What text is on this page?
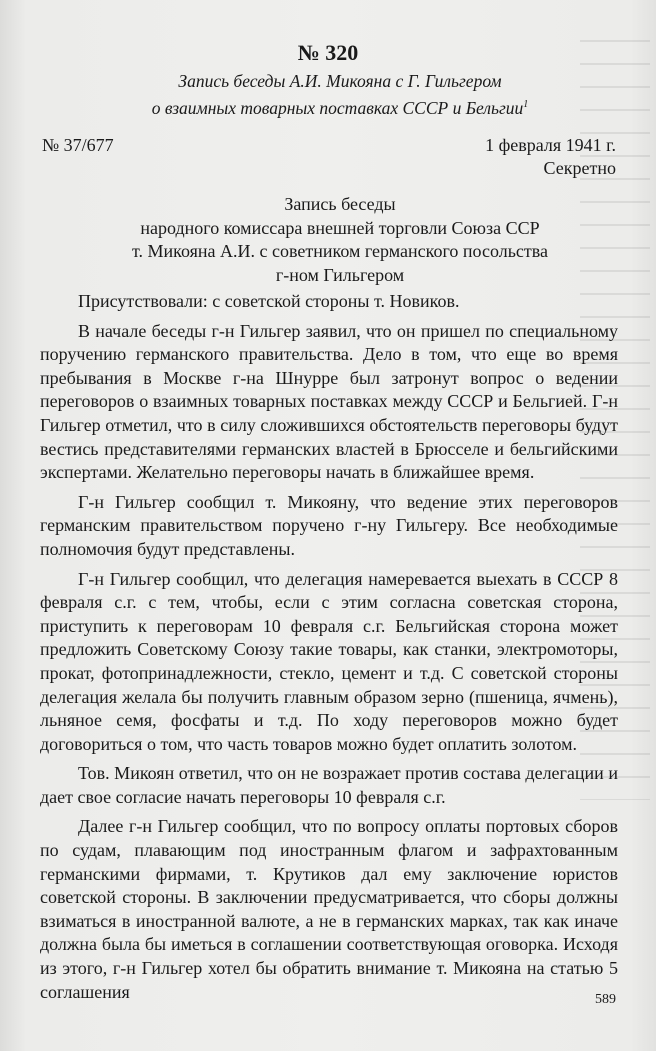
№ 320
Запись беседы А.И. Микояна с Г. Гильгером
о взаимных товарных поставках СССР и Бельгии$^1$
№ 37/677	1 февраля 1941 г.
Секретно
Запись беседы
народного комиссара внешней торговли Союза ССР
т. Микояна А.И. с советником германского посольства
г-ном Гильгером

Присутствовали: с советской стороны т. Новиков.

В начале беседы г-н Гильгер заявил, что он пришел по специальному поручению германского правительства. Дело в том, что еще во время пребывания в Москве г-на Шнурре был затронут вопрос о ведении переговоров о взаимных товарных поставках между СССР и Бельгией. Г-н Гильгер отметил, что в силу сложившихся обстоятельств переговоры будут вестись представителями германских властей в Брюсселе и бельгийскими экспертами. Желательно переговоры начать в ближайшее время.

Г-н Гильгер сообщил т. Микояну, что ведение этих переговоров германским правительством поручено г-ну Гильгеру. Все необходимые полномочия будут представлены.

Г-н Гильгер сообщил, что делегация намеревается выехать в СССР 8 февраля с.г. с тем, чтобы, если с этим согласна советская сторона, приступить к переговорам 10 февраля с.г. Бельгийская сторона может предложить Советскому Союзу такие товары, как станки, электромоторы, прокат, фотопринадлежности, стекло, цемент и т.д. С советской стороны делегация желала бы получить главным образом зерно (пшеница, ячмень), льняное семя, фосфаты и т.д. По ходу переговоров можно будет договориться о том, что часть товаров можно будет оплатить золотом.

Тов. Микоян ответил, что он не возражает против состава делегации и дает свое согласие начать переговоры 10 февраля с.г.

Далее г-н Гильгер сообщил, что по вопросу оплаты портовых сборов по судам, плавающим под иностранным флагом и зафрахтованным германскими фирмами, т. Крутиков дал ему заключение юристов советской стороны. В заключении предусматривается, что сборы должны взиматься в иностранной валюте, а не в германских марках, так как иначе должна была бы иметься в соглашении соответствующая оговорка. Исходя из этого, г-н Гильгер хотел бы обратить внимание т. Микояна на статью 5 соглашения	589
